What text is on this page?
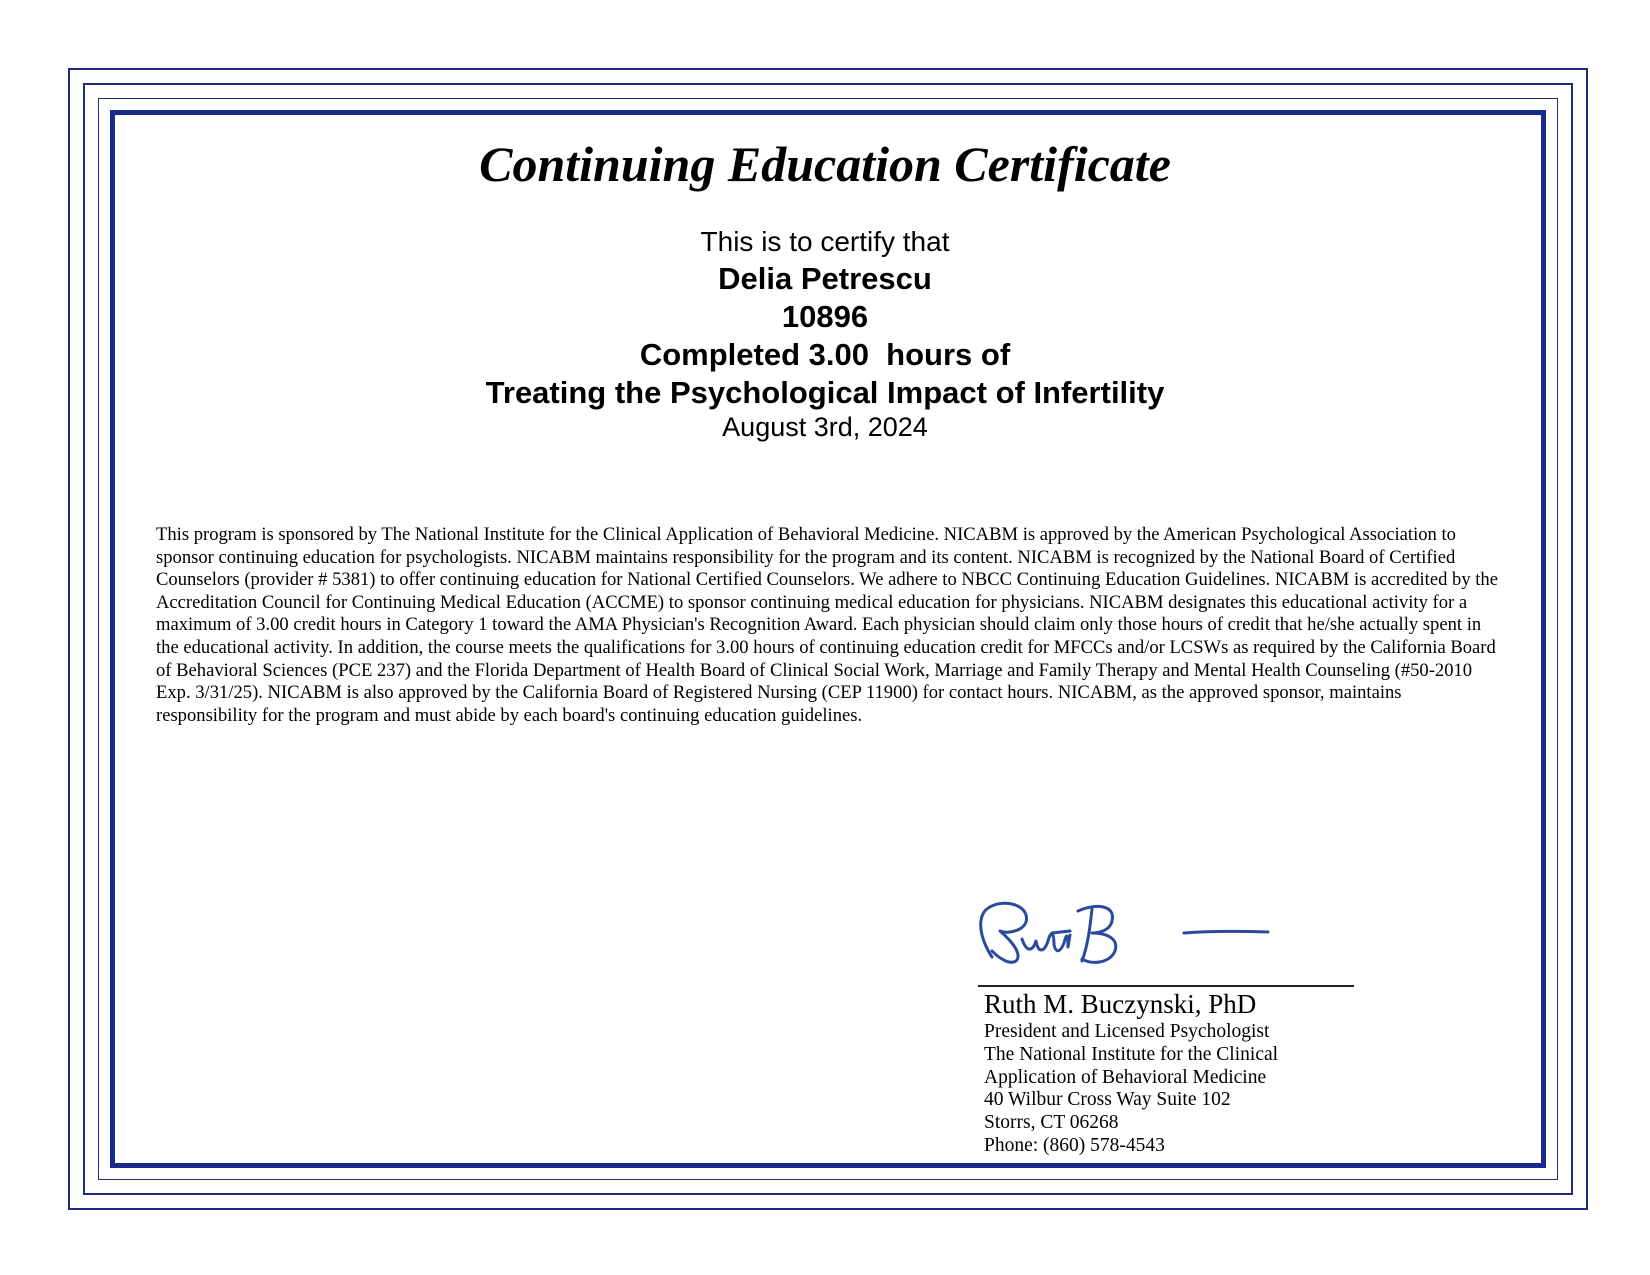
Continuing Education Certificate
This is to certify that
Delia Petrescu
10896
Completed 3.00  hours of
Treating the Psychological Impact of Infertility
August 3rd, 2024
This program is sponsored by The National Institute for the Clinical Application of Behavioral Medicine. NICABM is approved by the American Psychological Association to sponsor continuing education for psychologists. NICABM maintains responsibility for the program and its content. NICABM is recognized by the National Board of Certified Counselors (provider # 5381) to offer continuing education for National Certified Counselors. We adhere to NBCC Continuing Education Guidelines. NICABM is accredited by the Accreditation Council for Continuing Medical Education (ACCME) to sponsor continuing medical education for physicians. NICABM designates this educational activity for a maximum of 3.00 credit hours in Category 1 toward the AMA Physician's Recognition Award. Each physician should claim only those hours of credit that he/she actually spent in the educational activity. In addition, the course meets the qualifications for 3.00 hours of continuing education credit for MFCCs and/or LCSWs as required by the California Board of Behavioral Sciences (PCE 237) and the Florida Department of Health Board of Clinical Social Work, Marriage and Family Therapy and Mental Health Counseling (#50-2010 Exp. 3/31/25). NICABM is also approved by the California Board of Registered Nursing (CEP 11900) for contact hours. NICABM, as the approved sponsor, maintains responsibility for the program and must abide by each board's continuing education guidelines.
Ruth M. Buczynski, PhD
President and Licensed Psychologist
The National Institute for the Clinical
Application of Behavioral Medicine
40 Wilbur Cross Way Suite 102
Storrs, CT 06268
Phone: (860) 578-4543
